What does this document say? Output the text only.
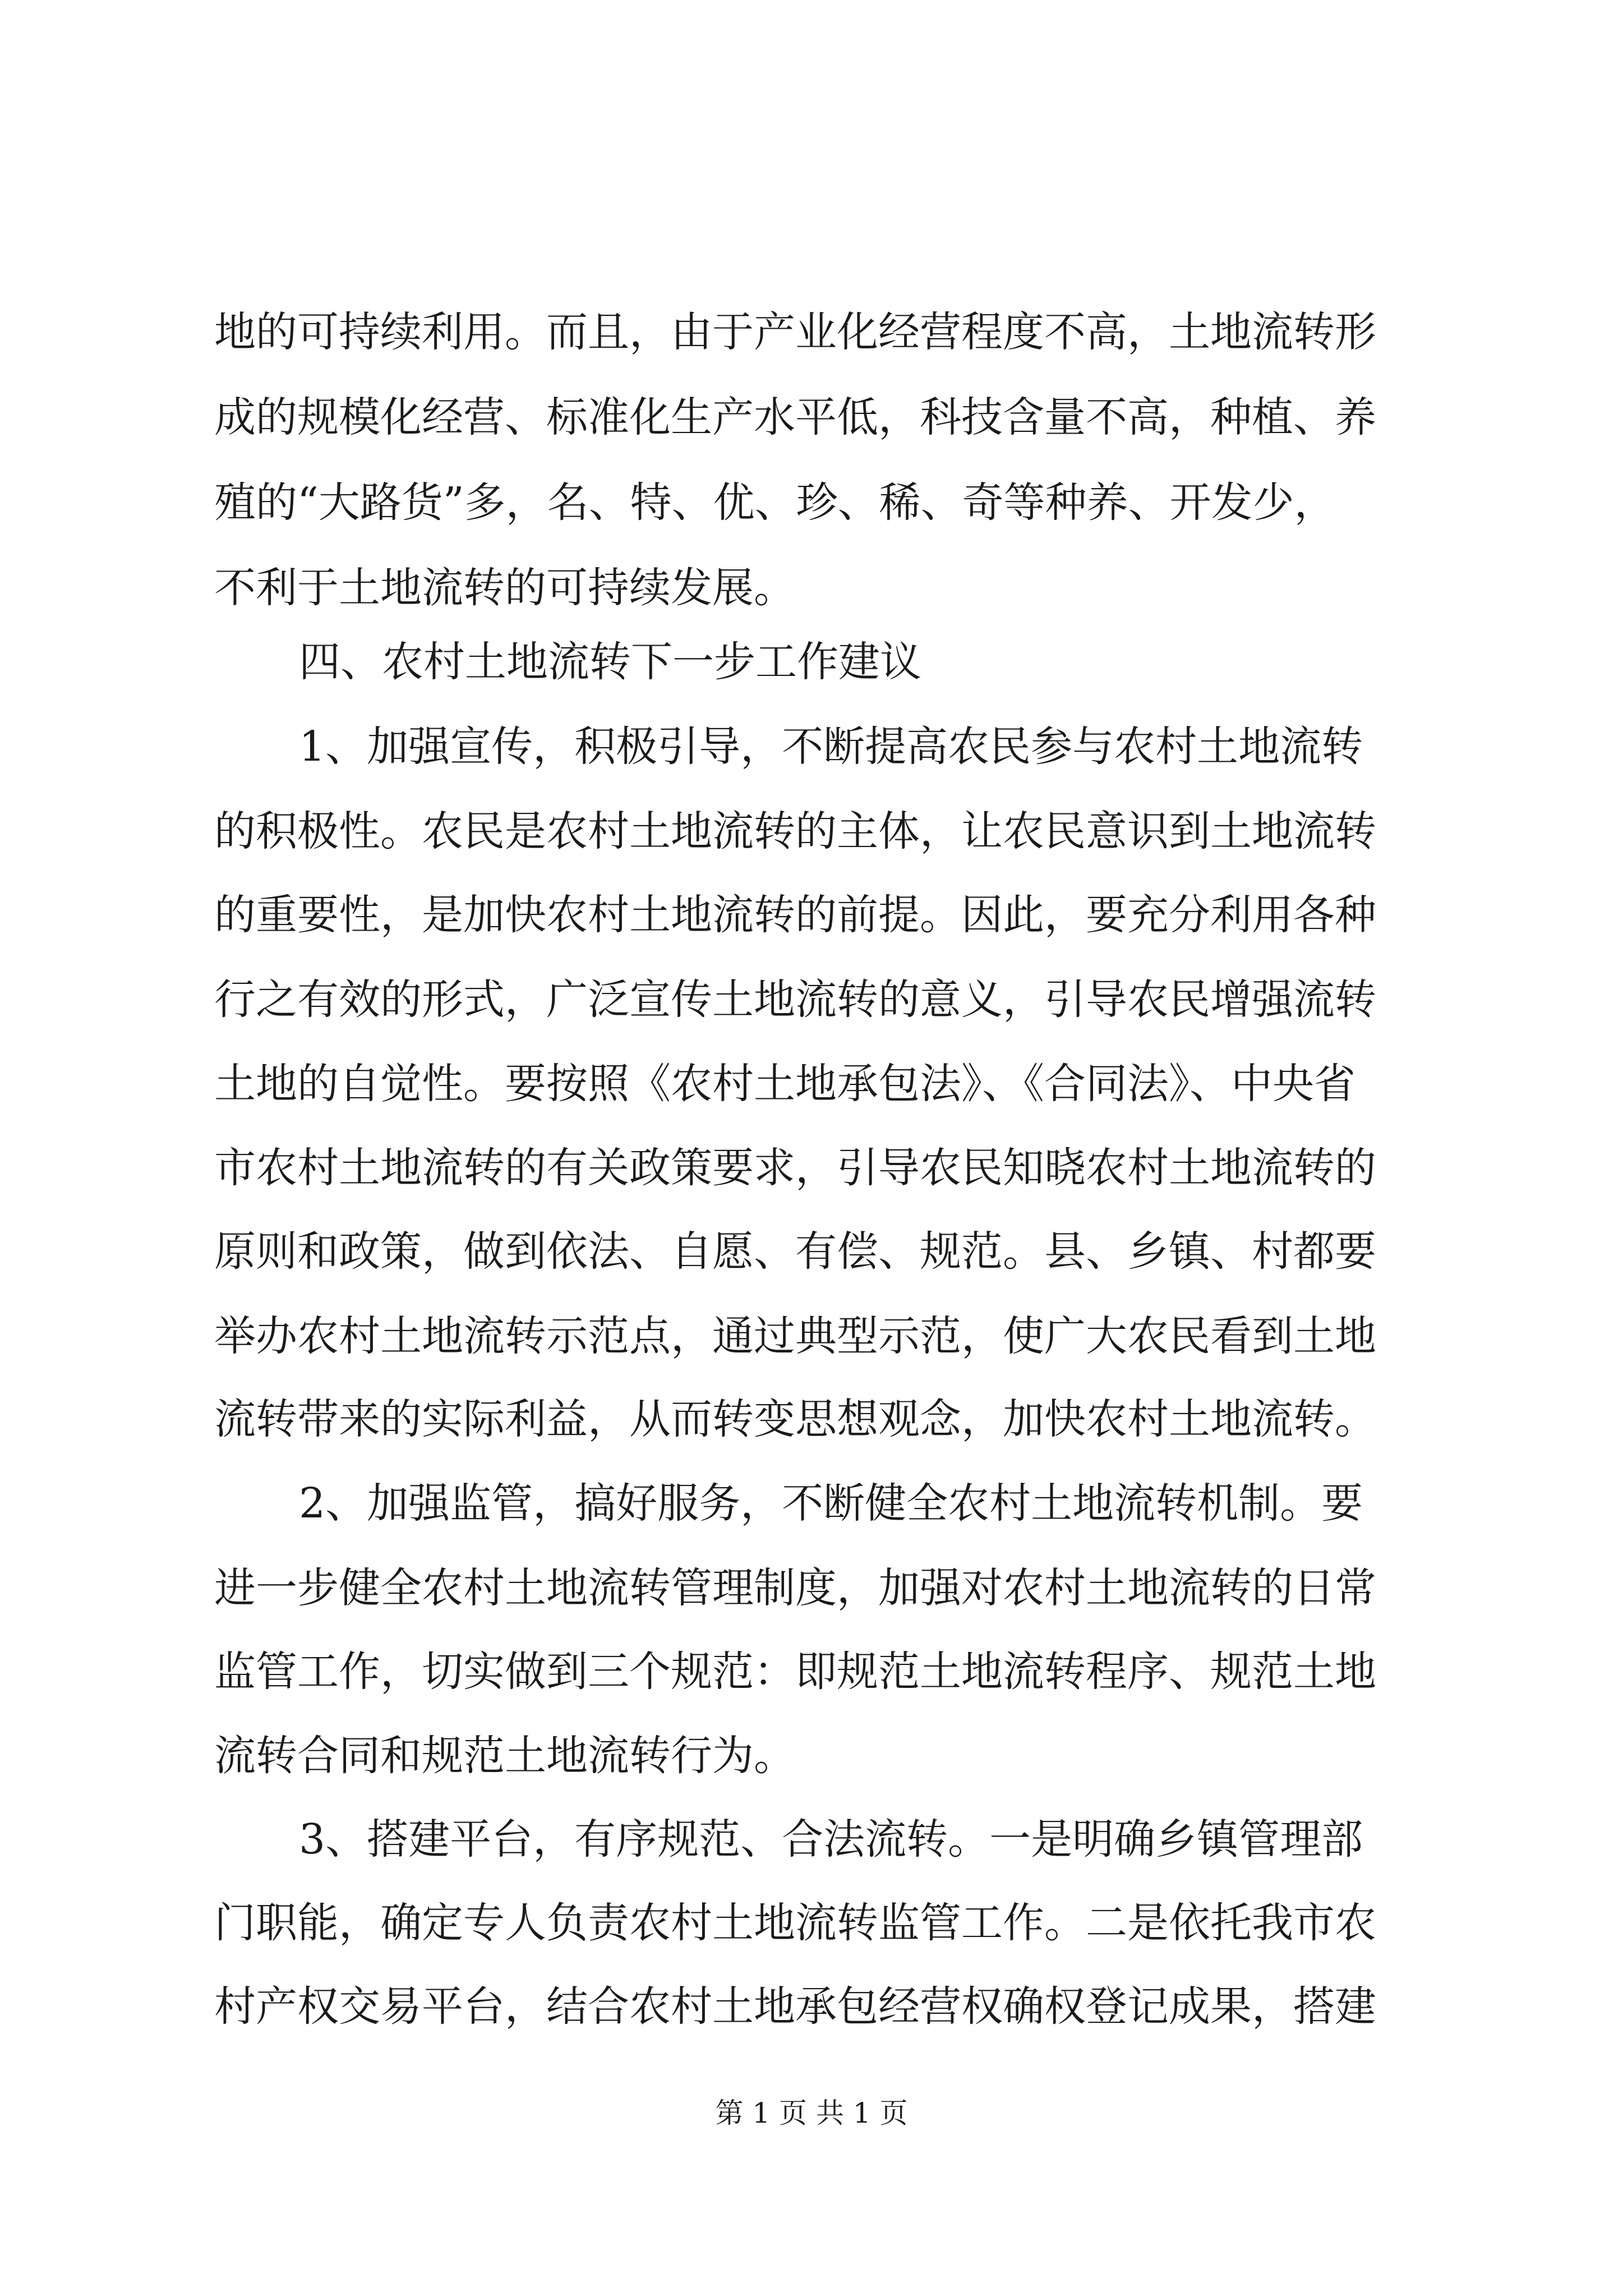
地的可持续利用。而且，由于产业化经营程度不高，土地流转形
成的规模化经营、标准化生产水平低，科技含量不高，种植、养
殖的“大路货”多，名、特、优、珍、稀、奇等种养、开发少，
不利于土地流转的可持续发展。
四、农村土地流转下一步工作建议
1、加强宣传，积极引导，不断提高农民参与农村土地流转
的积极性。农民是农村土地流转的主体，让农民意识到土地流转
的重要性，是加快农村土地流转的前提。因此，要充分利用各种
行之有效的形式，广泛宣传土地流转的意义，引导农民增强流转
土地的自觉性。要按照《农村土地承包法》、《合同法》、中央省
市农村土地流转的有关政策要求，引导农民知晓农村土地流转的
原则和政策，做到依法、自愿、有偿、规范。县、乡镇、村都要
举办农村土地流转示范点，通过典型示范，使广大农民看到土地
流转带来的实际利益，从而转变思想观念，加快农村土地流转。
2、加强监管，搞好服务，不断健全农村土地流转机制。要
进一步健全农村土地流转管理制度，加强对农村土地流转的日常
监管工作，切实做到三个规范：即规范土地流转程序、规范土地
流转合同和规范土地流转行为。
3、搭建平台，有序规范、合法流转。一是明确乡镇管理部
门职能，确定专人负责农村土地流转监管工作。二是依托我市农
村产权交易平台，结合农村土地承包经营权确权登记成果，搭建
第 1 页 共 1 页
